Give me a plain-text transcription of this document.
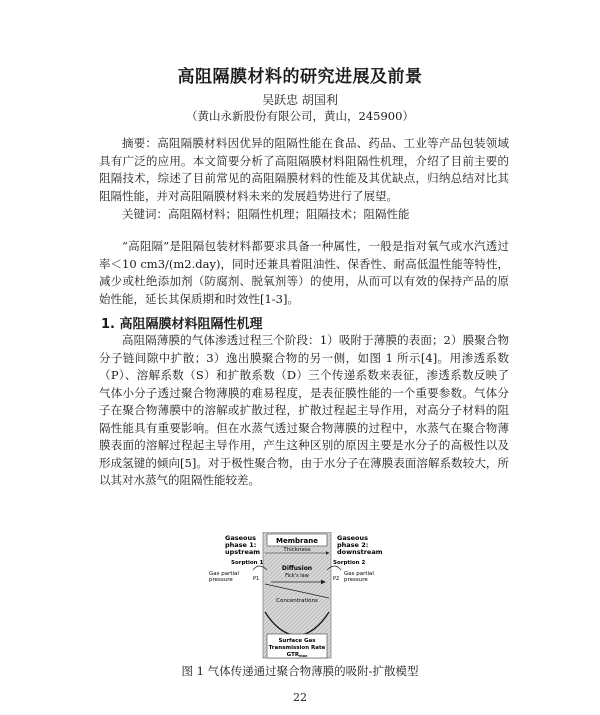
高阻隔膜材料的研究进展及前景
吴跃忠 胡国利
（黄山永新股份有限公司，黄山，245900）

摘要：高阻隔膜材料因优异的阻隔性能在食品、药品、工业等产品包装领域具有广泛的应用。本文简要分析了高阻隔膜材料阻隔性机理，介绍了目前主要的阻隔技术，综述了目前常见的高阻隔膜材料的性能及其优缺点，归纳总结对比其阻隔性能，并对高阻隔膜材料未来的发展趋势进行了展望。

关键词：高阻隔材料；阻隔性机理；阻隔技术；阻隔性能

“高阻隔”是阻隔包装材料都要求具备一种属性，一般是指对氧气或水汽透过率＜10 cm3/(m2.day)，同时还兼具着阻油性、保香性、耐高低温性能等特性，减少或杜绝添加剂（防腐剂、脱氧剂等）的使用，从而可以有效的保持产品的原始性能，延长其保质期和时效性[1-3]。

1. 高阻隔膜材料阻隔性机理

高阻隔薄膜的气体渗透过程三个阶段：1）吸附于薄膜的表面；2）膜聚合物分子链间隙中扩散；3）逸出膜聚合物的另一侧，如图 1 所示[4]。用渗透系数（P）、溶解系数（S）和扩散系数（D）三个传递系数来表征，渗透系数反映了气体小分子透过聚合物薄膜的难易程度，是表征膜性能的一个重要参数。气体分子在聚合物薄膜中的溶解或扩散过程，扩散过程起主导作用，对高分子材料的阻隔性能具有重要影响。但在水蒸气透过聚合物薄膜的过程中，水蒸气在聚合物薄膜表面的溶解过程起主导作用，产生这种区别的原因主要是水分子的高极性以及形成氢键的倾向[5]。对于极性聚合物，由于水分子在薄膜表面溶解系数较大，所以其对水蒸气的阻隔性能较差。

Gaseous
phase 1:
upstream
Membrane	Gaseous
phase 2:
downstream
Thickness
Sorption 1	Sorption 2
Diffusion
Fick's law
Gas partial
pressure	P1
Gas partial
pressure
P2
Concentrations
Surface Gas
Transmission Rate
GTRmax
图 1 气体传递通过聚合物薄膜的吸附-扩散模型
22
